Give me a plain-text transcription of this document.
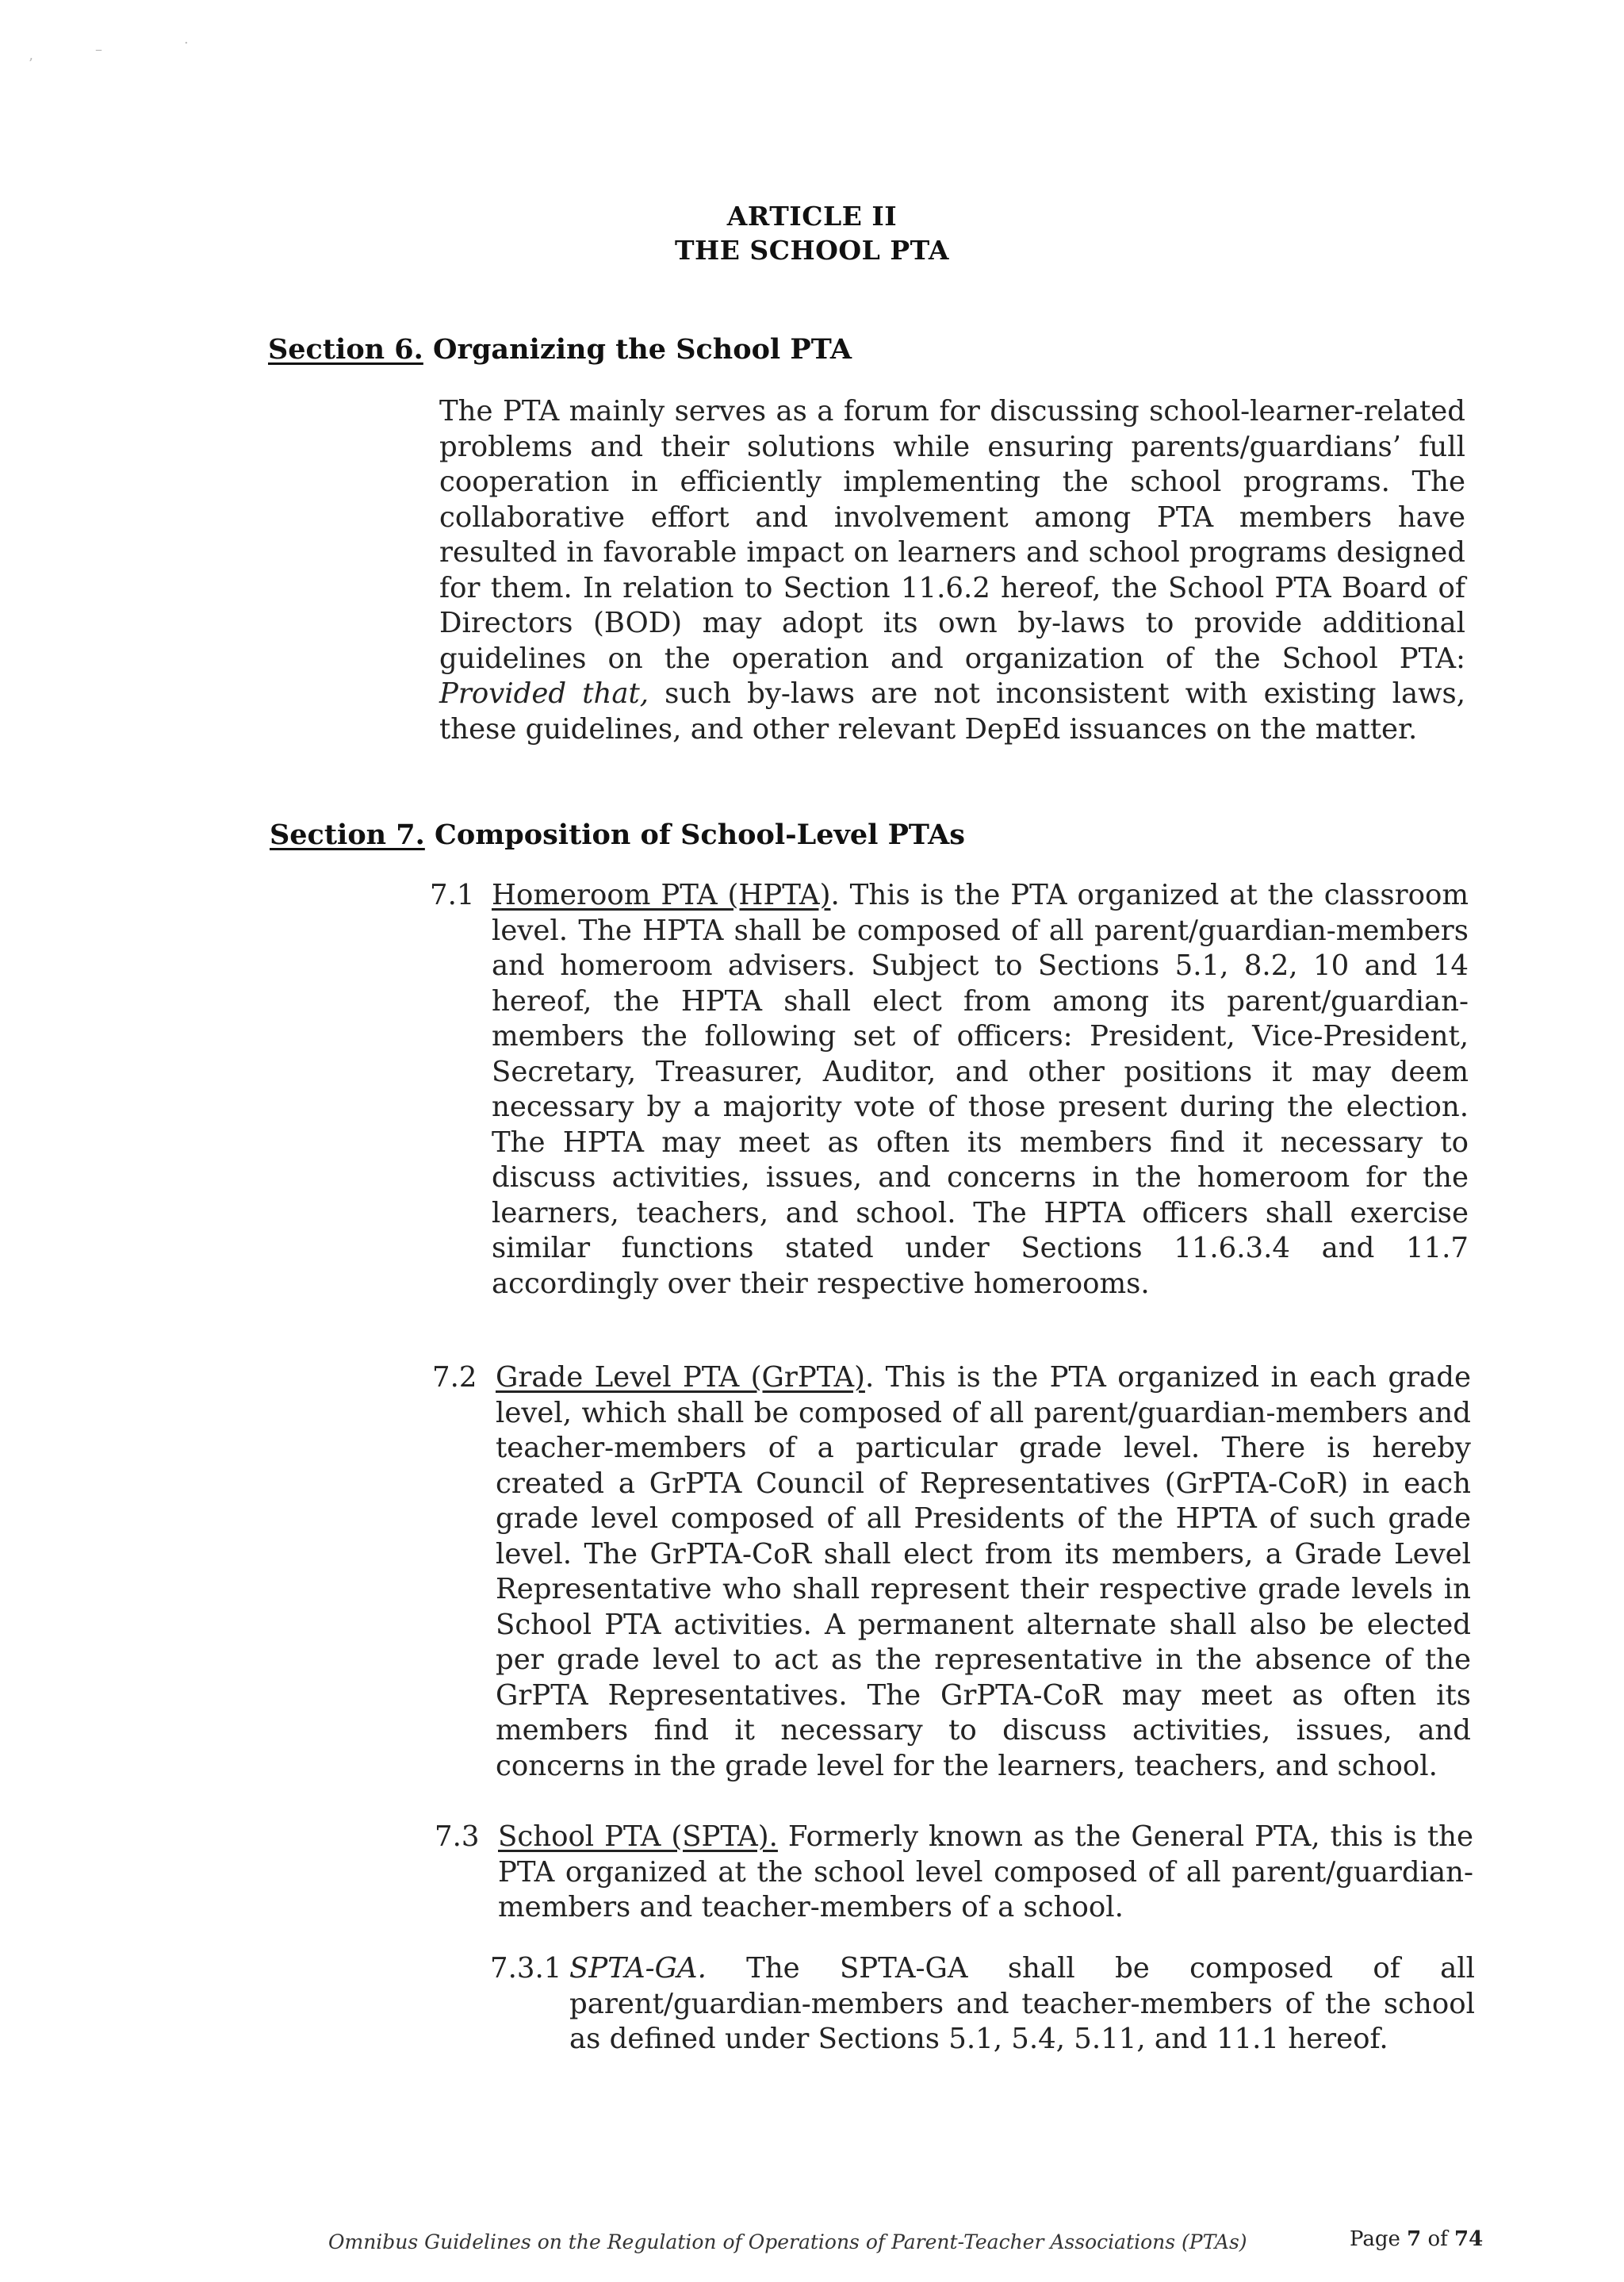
’
–	·
ARTICLE II
THE SCHOOL PTA
Section 6. Organizing the School PTA
The PTA mainly serves as a forum for discussing school-learner-related problems and their solutions while ensuring parents/guardians’ full cooperation in efficiently implementing the school programs. The collaborative effort and involvement among PTA members have resulted in favorable impact on learners and school programs designed for them. In relation to Section 11.6.2 hereof, the School PTA Board of Directors (BOD) may adopt its own by-laws to provide additional guidelines on the operation and organization of the School PTA: Provided that, such by-laws are not inconsistent with existing laws, these guidelines, and other relevant DepEd issuances on the matter.
Section 7. Composition of School-Level PTAs
7.1 Homeroom PTA (HPTA). This is the PTA organized at the classroom level. The HPTA shall be composed of all parent/guardian-members and homeroom advisers. Subject to Sections 5.1, 8.2, 10 and 14 hereof, the HPTA shall elect from among its parent/guardian-members the following set of officers: President, Vice-President, Secretary, Treasurer, Auditor, and other positions it may deem necessary by a majority vote of those present during the election. The HPTA may meet as often its members find it necessary to discuss activities, issues, and concerns in the homeroom for the learners, teachers, and school. The HPTA officers shall exercise similar functions stated under Sections 11.6.3.4 and 11.7 accordingly over their respective homerooms.
7.2 Grade Level PTA (GrPTA). This is the PTA organized in each grade level, which shall be composed of all parent/guardian-members and teacher-members of a particular grade level. There is hereby created a GrPTA Council of Representatives (GrPTA-CoR) in each grade level composed of all Presidents of the HPTA of such grade level. The GrPTA-CoR shall elect from its members, a Grade Level Representative who shall represent their respective grade levels in School PTA activities. A permanent alternate shall also be elected per grade level to act as the representative in the absence of the GrPTA Representatives. The GrPTA-CoR may meet as often its members find it necessary to discuss activities, issues, and concerns in the grade level for the learners, teachers, and school.
7.3 School PTA (SPTA). Formerly known as the General PTA, this is the PTA organized at the school level composed of all parent/guardian-members and teacher-members of a school.
7.3.1 SPTA-GA. The SPTA-GA shall be composed of all parent/guardian-members and teacher-members of the school as defined under Sections 5.1, 5.4, 5.11, and 11.1 hereof.
Omnibus Guidelines on the Regulation of Operations of Parent-Teacher Associations (PTAs)	Page 7 of 74
